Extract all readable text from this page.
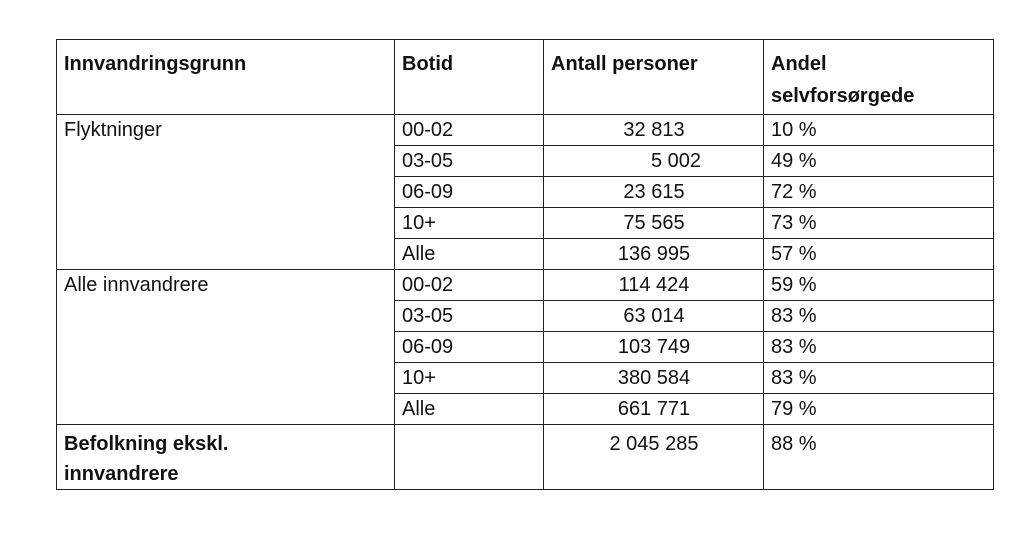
Innvandringsgrunn	Botid	Antall personer	Andel
selvforsørgede
Flyktninger	00-02	32 813	10 %
	03-05	5 002	49 %
	06-09	23 615	72 %
	10+	75 565	73 %
	Alle	136 995	57 %
Alle innvandrere	00-02	114 424	59 %
	03-05	63 014	83 %
	06-09	103 749	83 %
	10+	380 584	83 %
	Alle	661 771	79 %
Befolkning ekskl.
innvandrere		2 045 285	88 %
